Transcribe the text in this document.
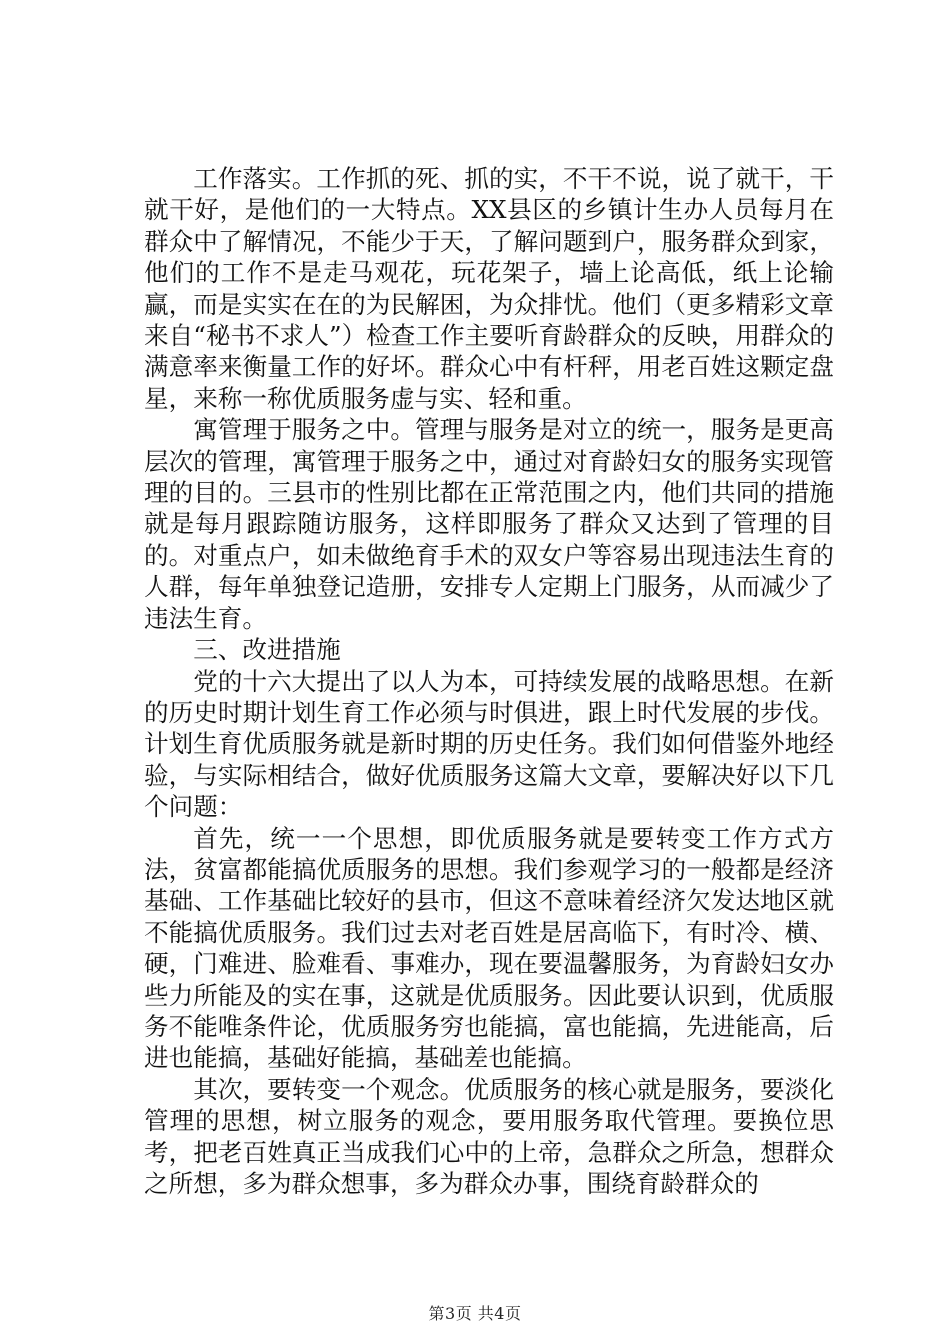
工作落实。工作抓的死、抓的实，不干不说，说了就干，干就干好，是他们的一大特点。XX县区的乡镇计生办人员每月在群众中了解情况，不能少于天，了解问题到户，服务群众到家，他们的工作不是走马观花，玩花架子，墙上论高低，纸上论输赢，而是实实在在的为民解困，为众排忧。他们（更多精彩文章来自“秘书不求人”）检查工作主要听育龄群众的反映，用群众的满意率来衡量工作的好坏。群众心中有杆秤，用老百姓这颗定盘星，来称一称优质服务虚与实、轻和重。

寓管理于服务之中。管理与服务是对立的统一，服务是更高层次的管理，寓管理于服务之中，通过对育龄妇女的服务实现管理的目的。三县市的性别比都在正常范围之内，他们共同的措施就是每月跟踪随访服务，这样即服务了群众又达到了管理的目的。对重点户，如未做绝育手术的双女户等容易出现违法生育的人群，每年单独登记造册，安排专人定期上门服务，从而减少了违法生育。

三、改进措施

党的十六大提出了以人为本，可持续发展的战略思想。在新的历史时期计划生育工作必须与时俱进，跟上时代发展的步伐。计划生育优质服务就是新时期的历史任务。我们如何借鉴外地经验，与实际相结合，做好优质服务这篇大文章，要解决好以下几个问题：

首先，统一一个思想，即优质服务就是要转变工作方式方法，贫富都能搞优质服务的思想。我们参观学习的一般都是经济基础、工作基础比较好的县市，但这不意味着经济欠发达地区就不能搞优质服务。我们过去对老百姓是居高临下，有时冷、横、硬，门难进、脸难看、事难办，现在要温馨服务，为育龄妇女办些力所能及的实在事，这就是优质服务。因此要认识到，优质服务不能唯条件论，优质服务穷也能搞，富也能搞，先进能高，后进也能搞，基础好能搞，基础差也能搞。

其次，要转变一个观念。优质服务的核心就是服务，要淡化管理的思想，树立服务的观念，要用服务取代管理。要换位思考，把老百姓真正当成我们心中的上帝，急群众之所急，想群众之所想，多为群众想事，多为群众办事，围绕育龄群众的

第3页 共4页
